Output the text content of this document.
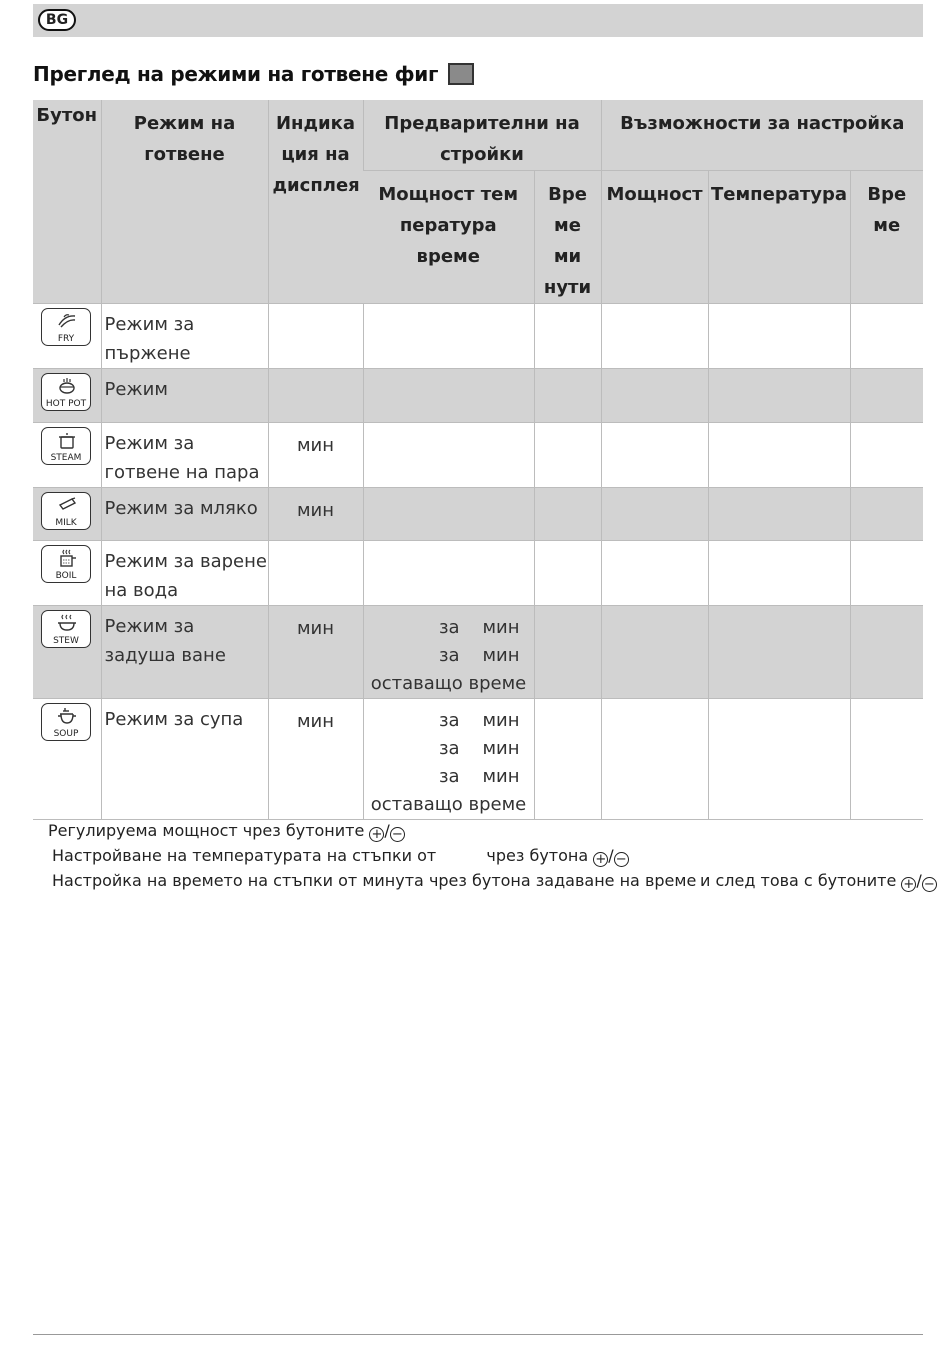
BG
Преглед на режими на готвене фиг
Бутон	Режим на готвене	Индика ция на дисплея	Предварителни на стройки		Възможности за настройка		

			Мощност тем пература време	Вре ме ми нути	Мощност	Температура	Вре ме

FRY	Режим за пържене						

HOT POT	Режим						

STEAM	Режим за готвене на пара	мин					

MILK	Режим за мляко	мин					

BOIL	Режим за варене на вода						

STEW	Режим за задуша ване	мин	за    мин
за    мин
оставащо време				

SOUP	Режим за супа	мин	за    мин
за    мин
за    мин
оставащо време				

Регулируема мощност чрез бутоните + / −
Настройване на температурата на стъпки от	чрез бутона + / −
Настройка на времето на стъпки от минута чрез бутона задаване на време и след това с бутоните + / −
